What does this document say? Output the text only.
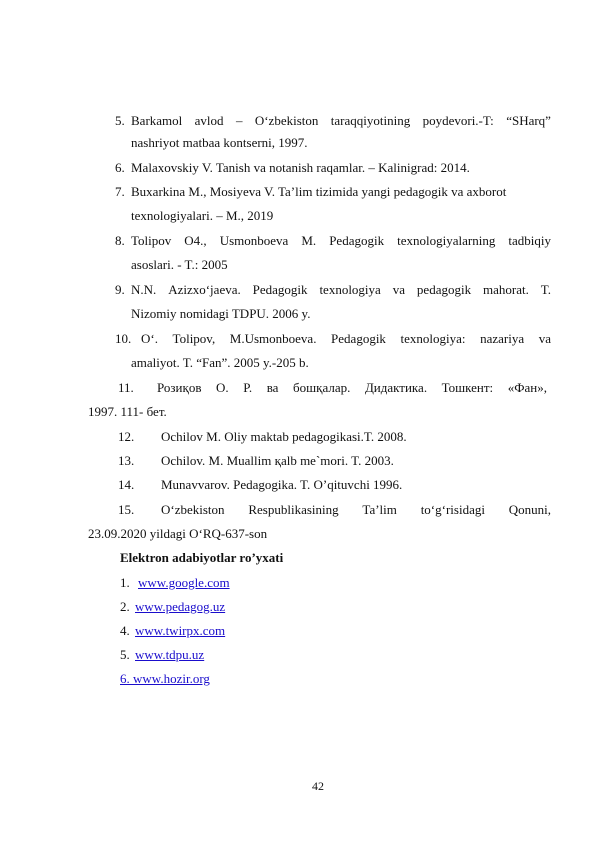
5. Barkamol avlod – O‘zbekiston taraqqiyotining poydevori.-T: “SHarq”
nashriyot matbaa kontserni, 1997.
6. Malaxovskiy V. Tanish va notanish raqamlar. – Kalinigrad: 2014.
7. Buxarkina M., Mosiyeva V. Ta’lim tizimida yangi pedagogik va axborot
texnologiyalari. – M., 2019
8. Tolipov O4., Usmonboeva M. Pedagogik texnologiyalarning tadbiqiy
asoslari. - T.: 2005
9. N.N. Azizxo‘jaeva. Pedagogik texnologiya va pedagogik mahorat. T.
Nizomiy nomidagi TDPU. 2006 y.
10. O‘. Tolipov, M.Usmonboeva. Pedagogik texnologiya: nazariya va
amaliyot. T. “Fan”. 2005 y.-205 b.
11. Розиқов О. Р. ва бошқалар. Дидактика. Тошкент: «Фан»,
1997. 111- бет.
12. Ochilov M. Oliy maktab pedagogikasi.T. 2008.
13. Ochilov. M. Muallim қalb me`mori. T. 2003.
14. Munavvarov. Pedagogika. T. O’qituvchi 1996.
15. O‘zbekiston Respublikasining Ta’lim to‘g‘risidagi Qonuni,
23.09.2020 yildagi O‘RQ-637-son
Elektron adabiyotlar ro’yxati
1. www.google.com
2. www.pedagog.uz
4. www.twirpx.com
5. www.tdpu.uz
6. www.hozir.org
42
